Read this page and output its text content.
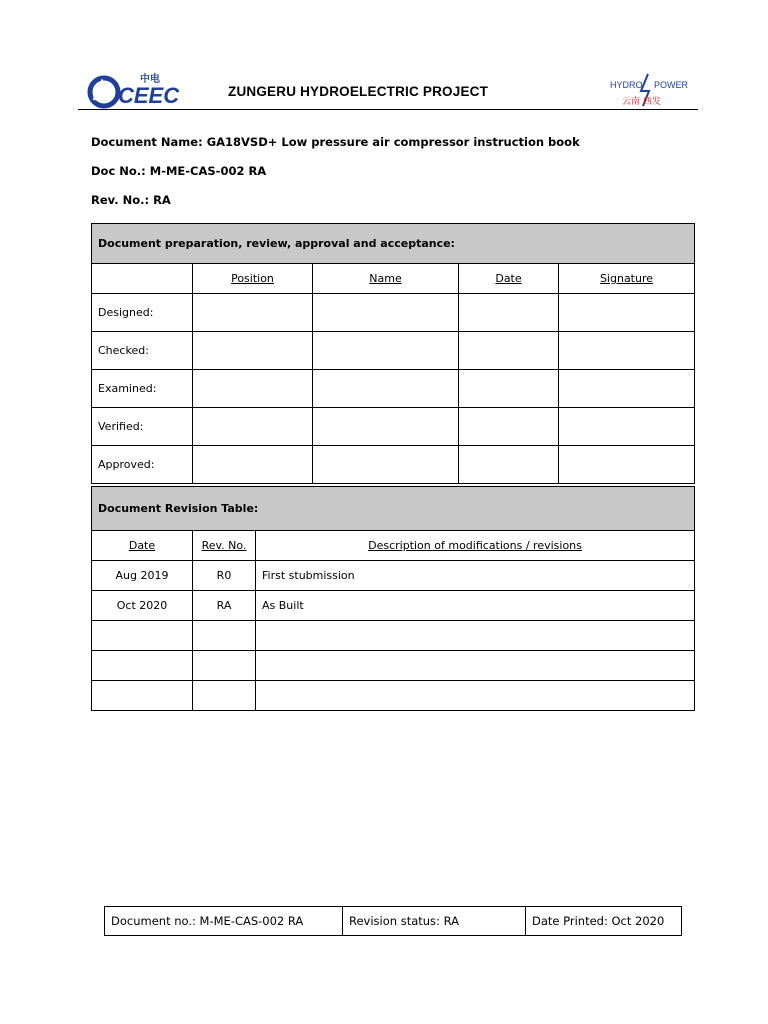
CEEC
中电
ZUNGERU HYDROELECTRIC PROJECT	HYDRO POWER
云南 西发
Document Name: GA18VSD+ Low pressure air compressor instruction book
Doc No.: M-ME-CAS-002 RA
Rev. No.: RA
Document preparation, review, approval and acceptance:				
	Position	Name	Date	Signature
Designed:				
Checked:				
Examined:				
Verified:				
Approved:				
Document Revision Table:		
Date	Rev. No.	Description of modifications / revisions
Aug 2019	R0	First stubmission
Oct 2020	RA	As Built

Document no.: M-ME-CAS-002 RA	Revision status: RA	Date Printed: Oct 2020
